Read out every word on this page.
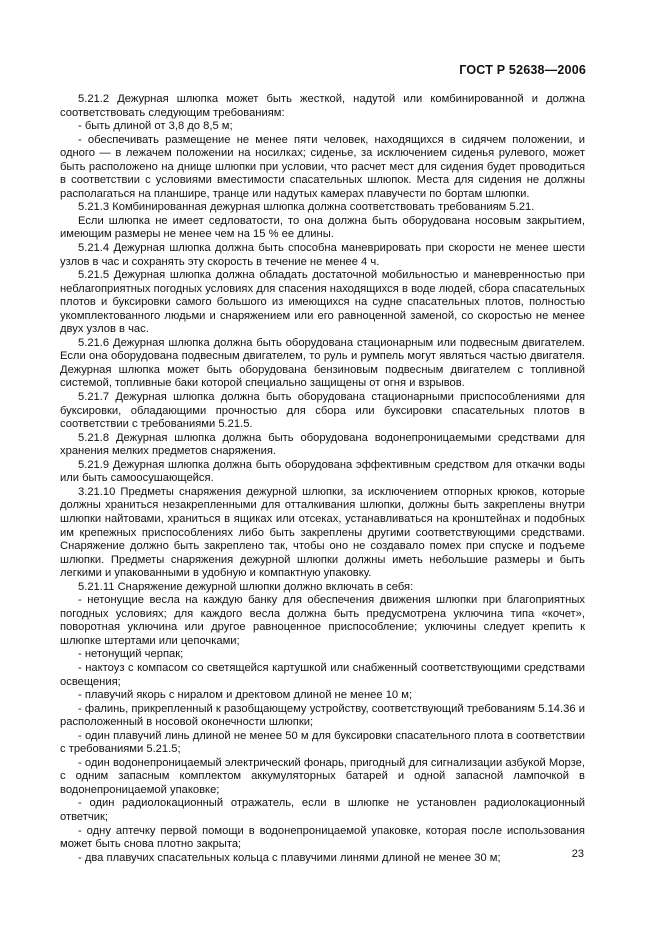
ГОСТ Р 52638—2006

5.21.2 Дежурная шлюпка может быть жесткой, надутой или комбинированной и должна соответствовать следующим требованиям:

- быть длиной от 3,8 до 8,5 м;

- обеспечивать размещение не менее пяти человек, находящихся в сидячем положении, и одного — в лежачем положении на носилках; сиденье, за исключением сиденья рулевого, может быть расположено на днище шлюпки при условии, что расчет мест для сидения будет проводиться в соответствии с условиями вместимости спасательных шлюпок. Места для сидения не должны располагаться на планшире, транце или надутых камерах плавучести по бортам шлюпки.

5.21.3 Комбинированная дежурная шлюпка должна соответствовать требованиям 5.21.

Если шлюпка не имеет седловатости, то она должна быть оборудована носовым закрытием, имеющим размеры не менее чем на 15 % ее длины.

5.21.4 Дежурная шлюпка должна быть способна маневрировать при скорости не менее шести узлов в час и сохранять эту скорость в течение не менее 4 ч.

5.21.5 Дежурная шлюпка должна обладать достаточной мобильностью и маневренностью при неблагоприятных погодных условиях для спасения находящихся в воде людей, сбора спасательных плотов и буксировки самого большого из имеющихся на судне спасательных плотов, полностью укомплектованного людьми и снаряжением или его равноценной заменой, со скоростью не менее двух узлов в час.

5.21.6 Дежурная шлюпка должна быть оборудована стационарным или подвесным двигателем. Если она оборудована подвесным двигателем, то руль и румпель могут являться частью двигателя. Дежурная шлюпка может быть оборудована бензиновым подвесным двигателем с топливной системой, топливные баки которой специально защищены от огня и взрывов.

5.21.7 Дежурная шлюпка должна быть оборудована стационарными приспособлениями для буксировки, обладающими прочностью для сбора или буксировки спасательных плотов в соответствии с требованиями 5.21.5.

5.21.8 Дежурная шлюпка должна быть оборудована водонепроницаемыми средствами для хранения мелких предметов снаряжения.

5.21.9 Дежурная шлюпка должна быть оборудована эффективным средством для откачки воды или быть самоосушающейся.

3.21.10 Предметы снаряжения дежурной шлюпки, за исключением отпорных крюков, которые должны храниться незакрепленными для отталкивания шлюпки, должны быть закреплены внутри шлюпки найтовами, храниться в ящиках или отсеках, устанавливаться на кронштейнах и подобных им крепежных приспособлениях либо быть закреплены другими соответствующими средствами. Снаряжение должно быть закреплено так, чтобы оно не создавало помех при спуске и подъеме шлюпки. Предметы снаряжения дежурной шлюпки должны иметь небольшие размеры и быть легкими и упакованными в удобную и компактную упаковку.

5.21.11 Снаряжение дежурной шлюпки должно включать в себя:

- нетонущие весла на каждую банку для обеспечения движения шлюпки при благоприятных погодных условиях; для каждого весла должна быть предусмотрена уключина типа «кочет», поворотная уключина или другое равноценное приспособление; уключины следует крепить к шлюпке штертами или цепочками;

- нетонущий черпак;

- нактоуз с компасом со светящейся картушкой или снабженный соответствующими средствами освещения;

- плавучий якорь с ниралом и дректовом длиной не менее 10 м;

- фалинь, прикрепленный к разобщающему устройству, соответствующий требованиям 5.14.36 и расположенный в носовой оконечности шлюпки;

- один плавучий линь длиной не менее 50 м для буксировки спасательного плота в соответствии с требованиями 5.21.5;

- один водонепроницаемый электрический фонарь, пригодный для сигнализации азбукой Морзе, с одним запасным комплектом аккумуляторных батарей и одной запасной лампочкой в водонепроницаемой упаковке;

- один радиолокационный отражатель, если в шлюпке не установлен радиолокационный ответчик;

- одну аптечку первой помощи в водонепроницаемой упаковке, которая после использования может быть снова плотно закрыта;

- два плавучих спасательных кольца с плавучими линями длиной не менее 30 м;	23
